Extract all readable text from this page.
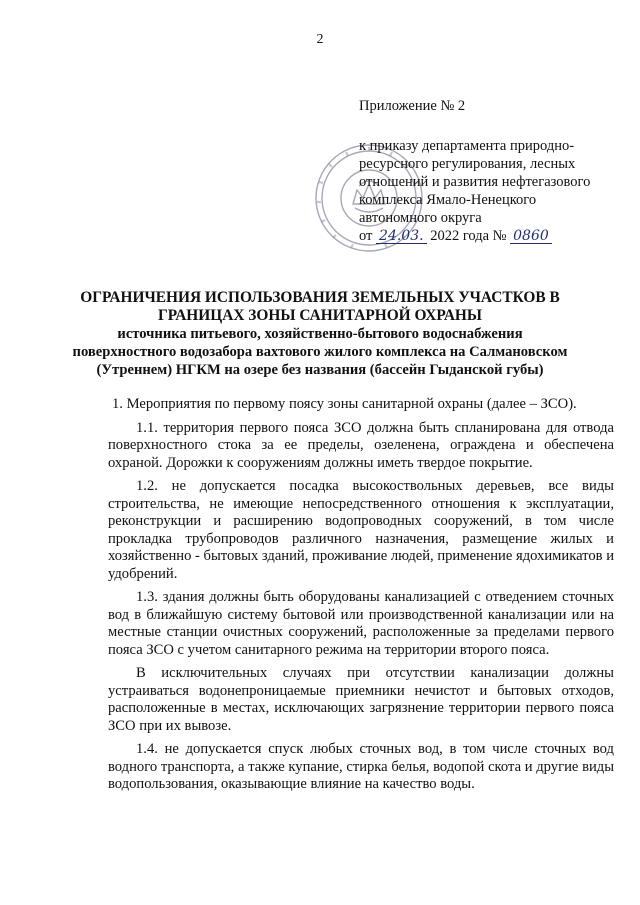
2
Приложение № 2
к приказу департамента природно-
ресурсного регулирования, лесных
отношений и развития нефтегазового
комплекса Ямало-Ненецкого
автономного округа
от 24.03. 2022 года № 0860
ОГРАНИЧЕНИЯ ИСПОЛЬЗОВАНИЯ ЗЕМЕЛЬНЫХ УЧАСТКОВ В
ГРАНИЦАХ ЗОНЫ САНИТАРНОЙ ОХРАНЫ
источника питьевого, хозяйственно-бытового водоснабжения
поверхностного водозабора вахтового жилого комплекса на Салмановском
(Утреннем) НГКМ на озере без названия (бассейн Гыданской губы)

1. Мероприятия по первому поясу зоны санитарной охраны (далее – ЗСО).

1.1. территория первого пояса ЗСО должна быть спланирована для отвода поверхностного стока за ее пределы, озеленена, ограждена и обеспечена охраной. Дорожки к сооружениям должны иметь твердое покрытие.

1.2. не допускается посадка высокоствольных деревьев, все виды строительства, не имеющие непосредственного отношения к эксплуатации, реконструкции и расширению водопроводных сооружений, в том числе прокладка трубопроводов различного назначения, размещение жилых и хозяйственно - бытовых зданий, проживание людей, применение ядохимикатов и удобрений.

1.3. здания должны быть оборудованы канализацией с отведением сточных вод в ближайшую систему бытовой или производственной канализации или на местные станции очистных сооружений, расположенные за пределами первого пояса ЗСО с учетом санитарного режима на территории второго пояса.

В исключительных случаях при отсутствии канализации должны устраиваться водонепроницаемые приемники нечистот и бытовых отходов, расположенные в местах, исключающих загрязнение территории первого пояса ЗСО при их вывозе.

1.4. не допускается спуск любых сточных вод, в том числе сточных вод водного транспорта, а также купание, стирка белья, водопой скота и другие виды водопользования, оказывающие влияние на качество воды.
